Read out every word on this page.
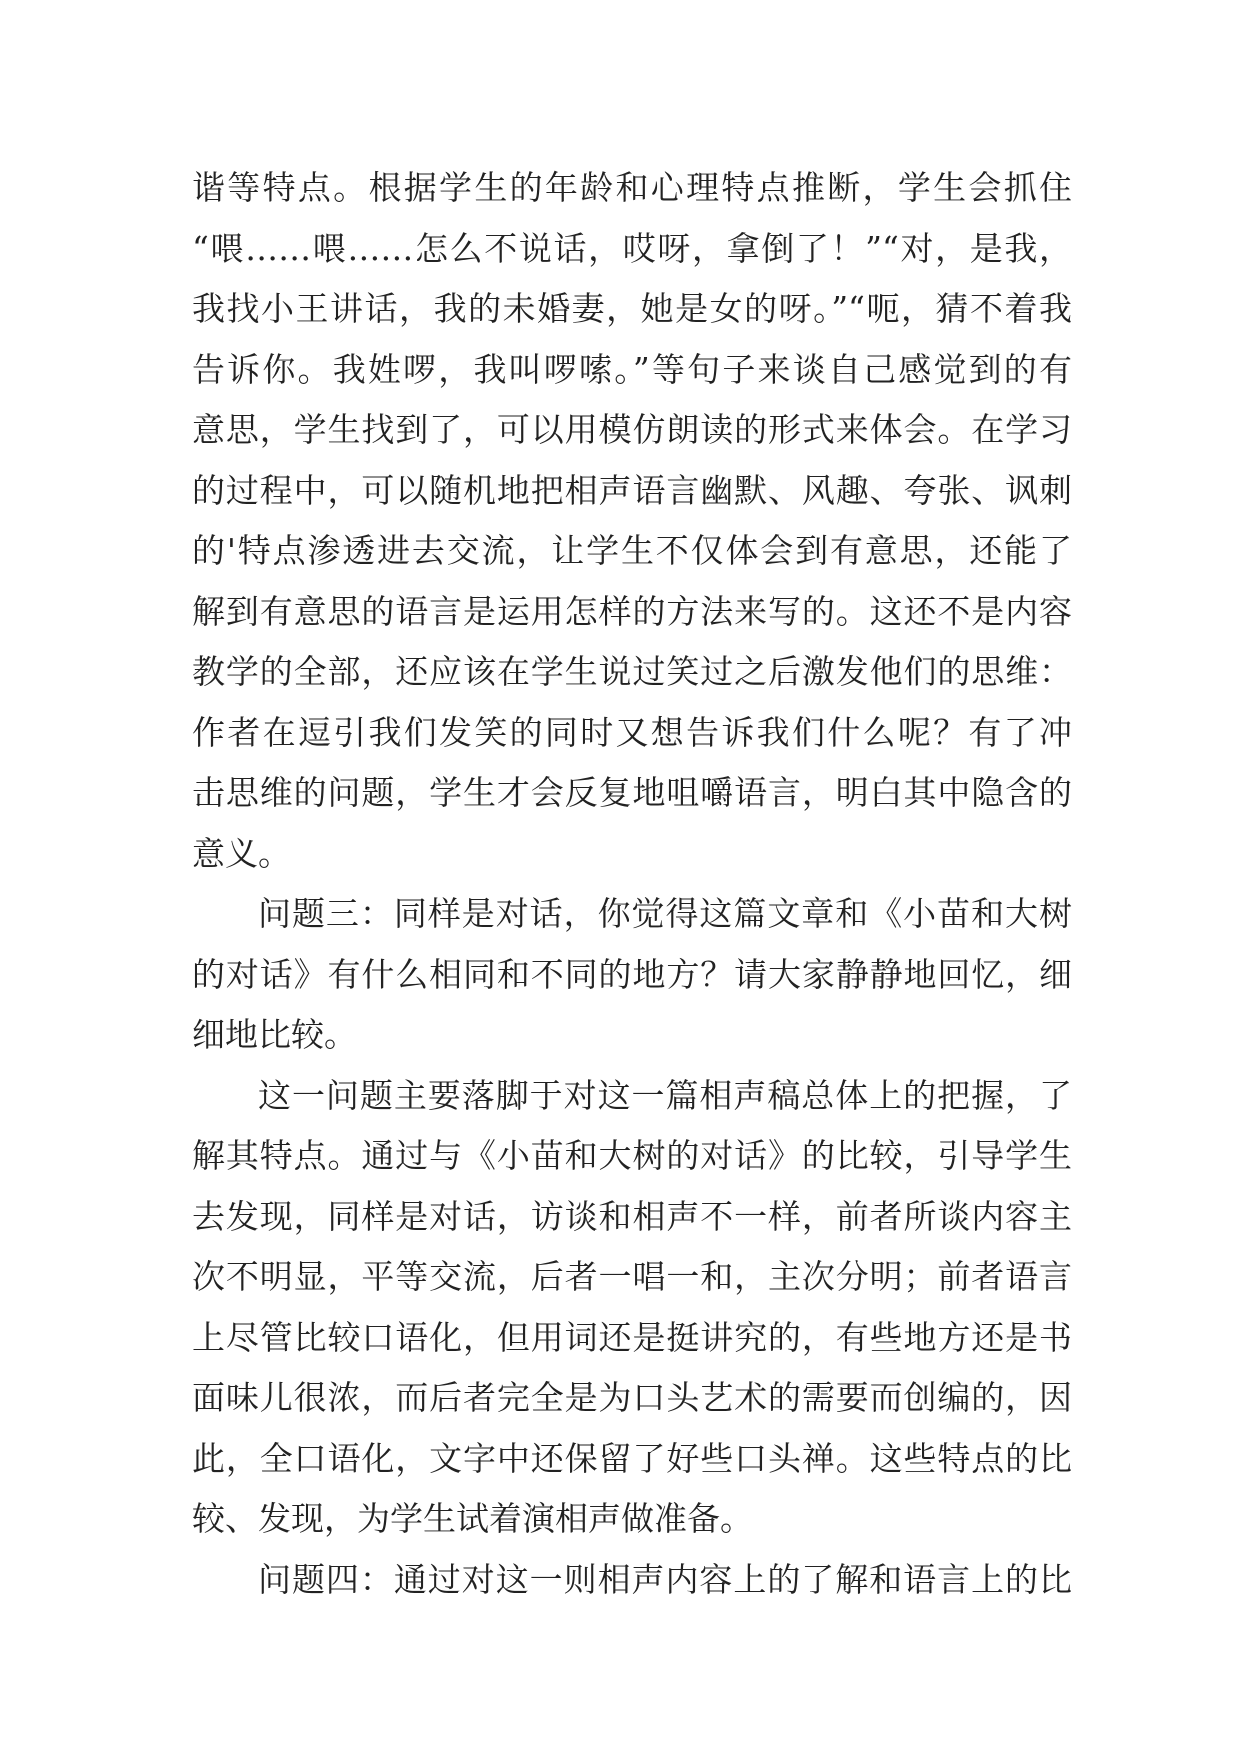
谐等特点。根据学生的年龄和心理特点推断，学生会抓住
“喂……喂……怎么不说话，哎呀，拿倒了！”“对，是我，
我找小王讲话，我的未婚妻，她是女的呀。”“呃，猜不着我
告诉你。我姓啰，我叫啰嗦。”等句子来谈自己感觉到的有
意思，学生找到了，可以用模仿朗读的形式来体会。在学习
的过程中，可以随机地把相声语言幽默、风趣、夸张、讽刺
的'特点渗透进去交流，让学生不仅体会到有意思，还能了
解到有意思的语言是运用怎样的方法来写的。这还不是内容
教学的全部，还应该在学生说过笑过之后激发他们的思维：
作者在逗引我们发笑的同时又想告诉我们什么呢？有了冲
击思维的问题，学生才会反复地咀嚼语言，明白其中隐含的
意义。
问题三：同样是对话，你觉得这篇文章和《小苗和大树
的对话》有什么相同和不同的地方？请大家静静地回忆，细
细地比较。
这一问题主要落脚于对这一篇相声稿总体上的把握，了
解其特点。通过与《小苗和大树的对话》的比较，引导学生
去发现，同样是对话，访谈和相声不一样，前者所谈内容主
次不明显，平等交流，后者一唱一和，主次分明；前者语言
上尽管比较口语化，但用词还是挺讲究的，有些地方还是书
面味儿很浓，而后者完全是为口头艺术的需要而创编的，因
此，全口语化，文字中还保留了好些口头禅。这些特点的比
较、发现，为学生试着演相声做准备。
问题四：通过对这一则相声内容上的了解和语言上的比
